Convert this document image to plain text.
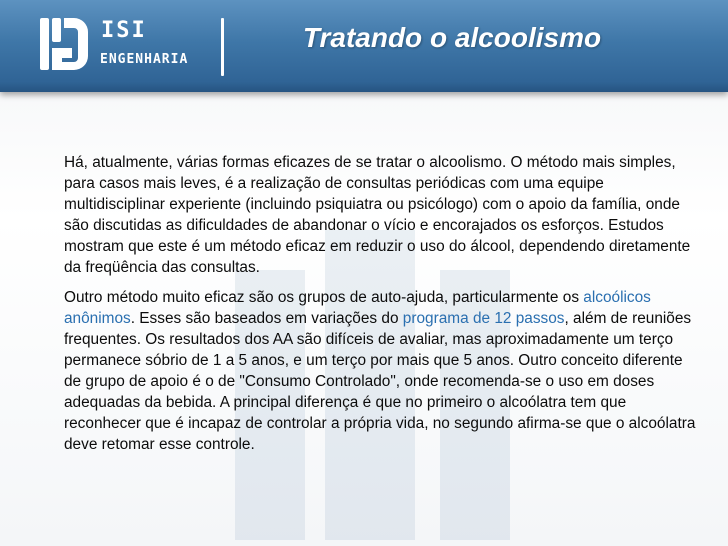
ISI
ENGENHARIA
Tratando o alcoolismo

Há, atualmente, várias formas eficazes de se tratar o alcoolismo. O método mais simples, para casos mais leves, é a realização de consultas periódicas com uma equipe multidisciplinar experiente (incluindo psiquiatra ou psicólogo) com o apoio da família, onde são discutidas as dificuldades de abandonar o vício e encorajados os esforços. Estudos mostram que este é um método eficaz em reduzir o uso do álcool, dependendo diretamente da freqüência das consultas.

Outro método muito eficaz são os grupos de auto-ajuda, particularmente os alcoólicos anônimos. Esses são baseados em variações do programa de 12 passos, além de reuniões frequentes. Os resultados dos AA são difíceis de avaliar, mas aproximadamente um terço permanece sóbrio de 1 a 5 anos, e um terço por mais que 5 anos. Outro conceito diferente de grupo de apoio é o de "Consumo Controlado", onde recomenda-se o uso em doses adequadas da bebida. A principal diferença é que no primeiro o alcoólatra tem que reconhecer que é incapaz de controlar a própria vida, no segundo afirma-se que o alcoólatra deve retomar esse controle.
